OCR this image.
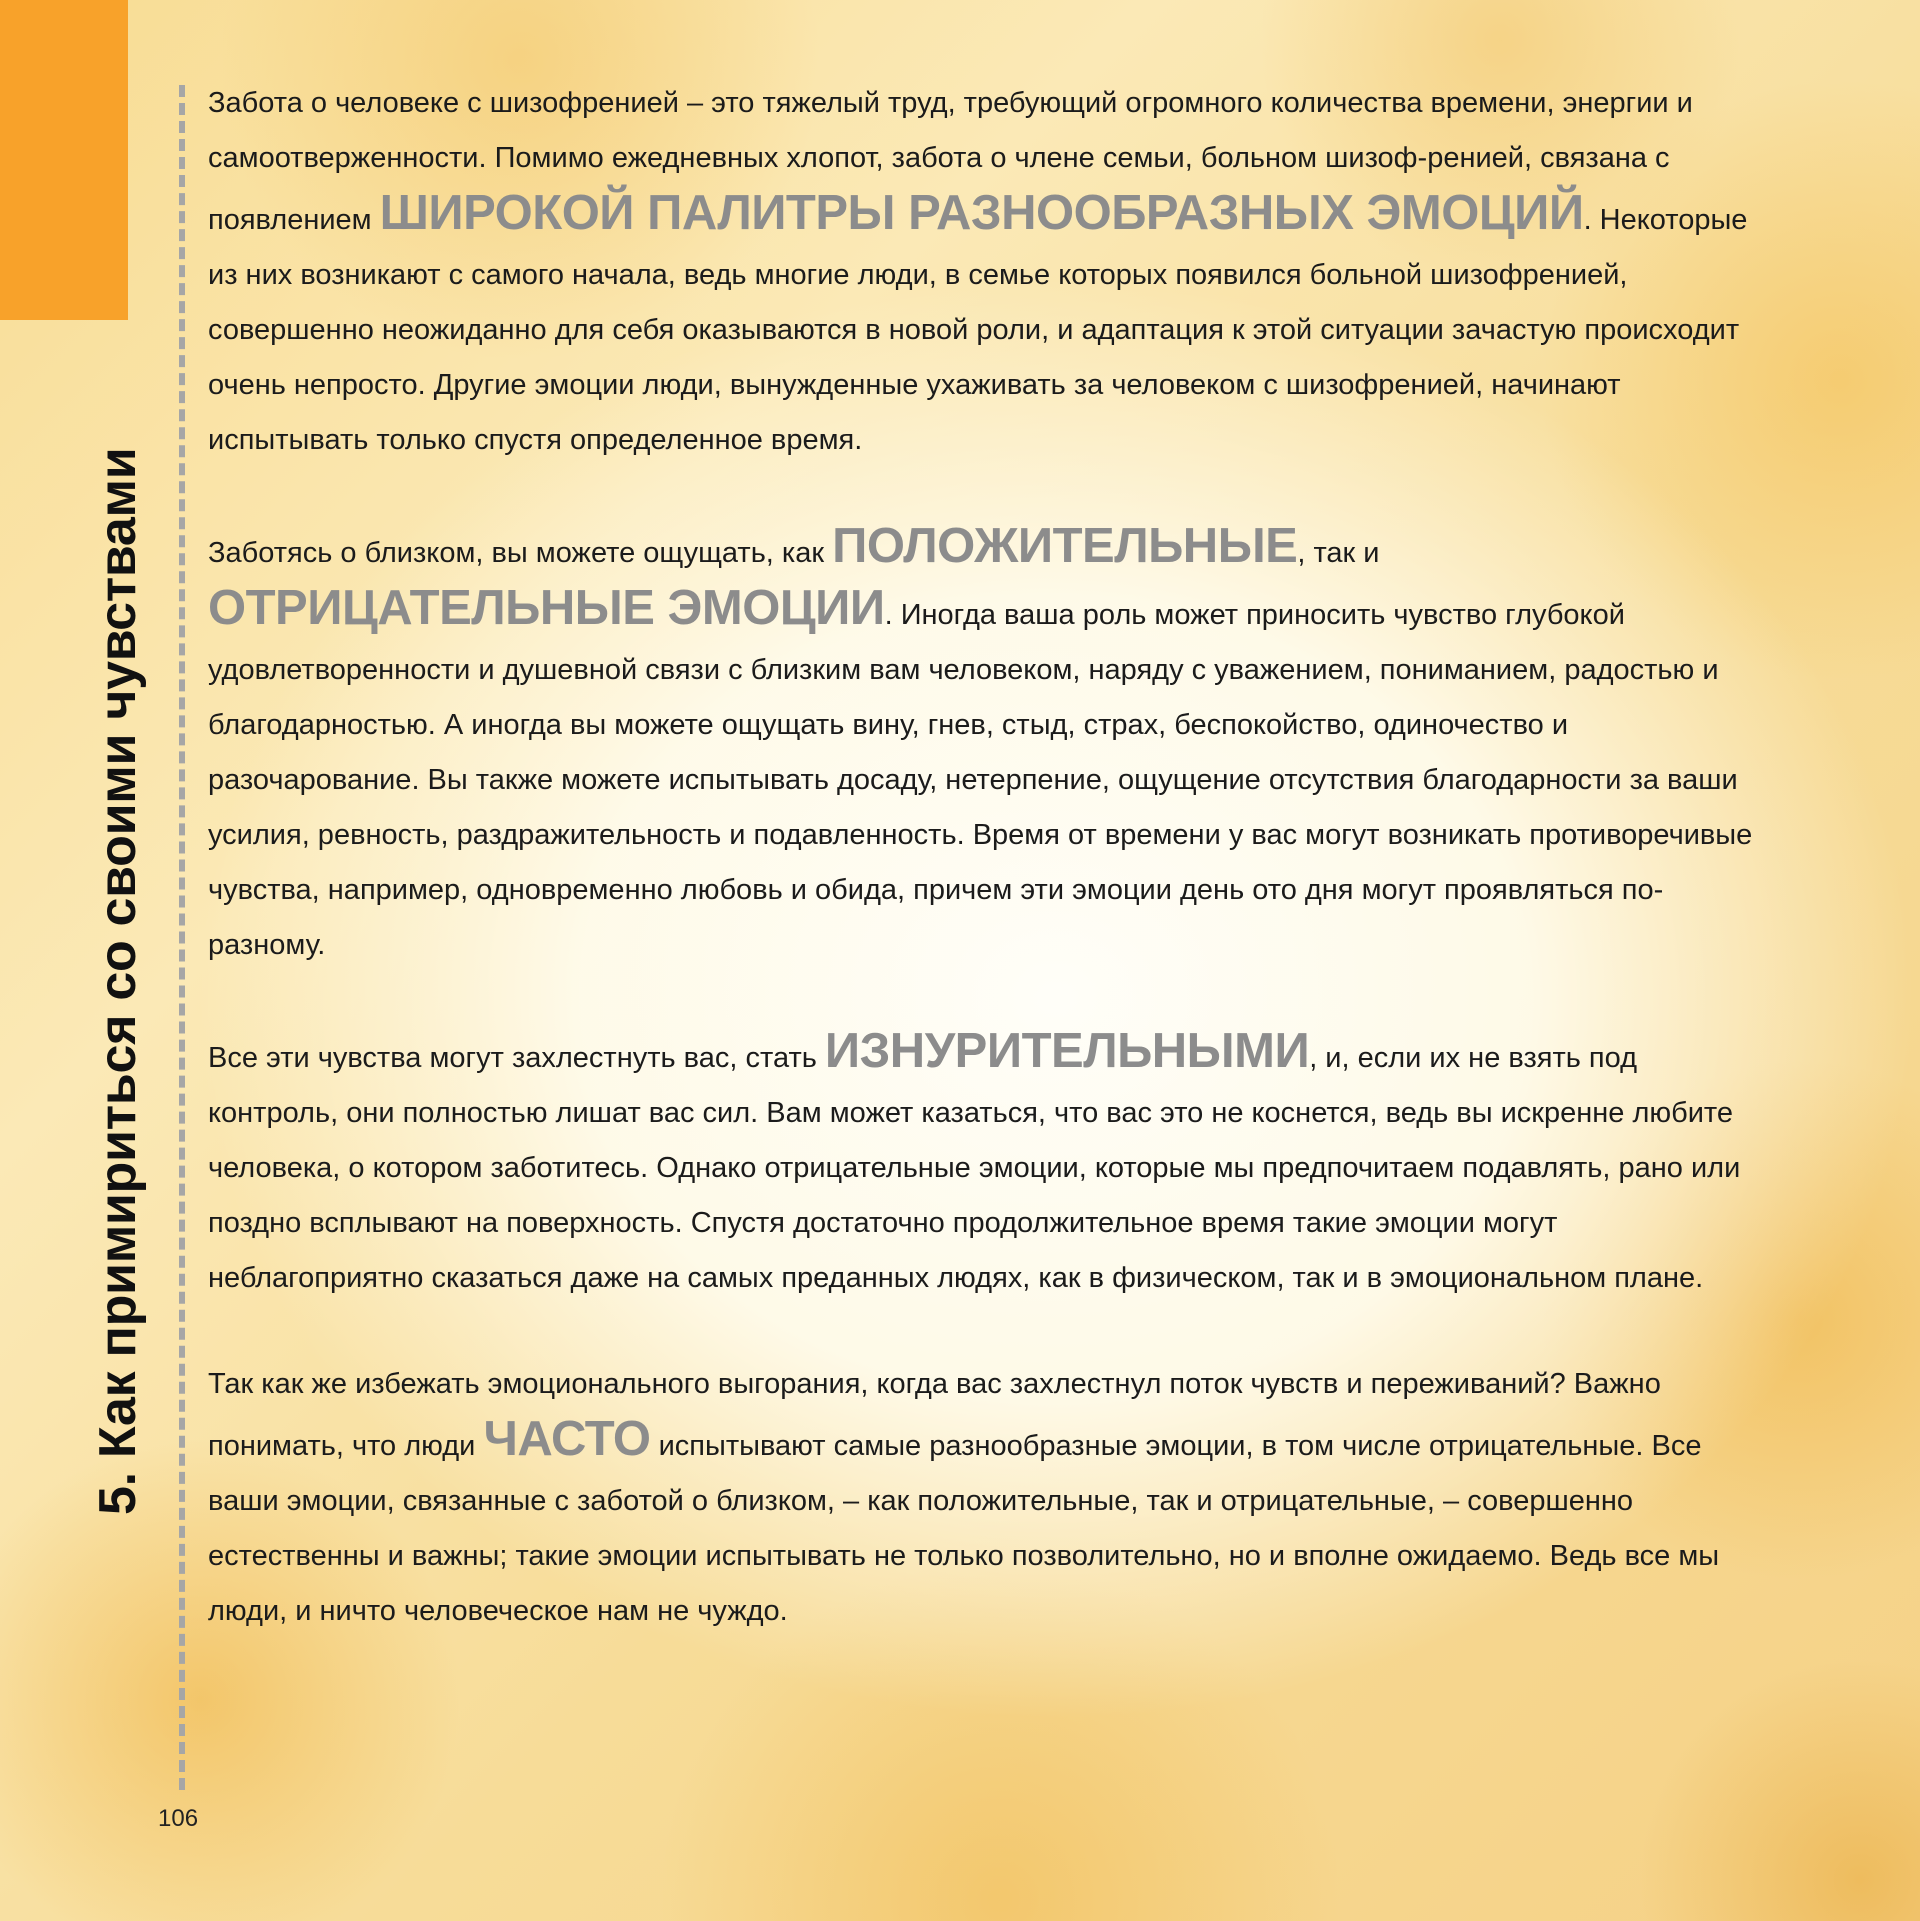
5. Как примириться со своими чувствами

Забота о человеке с шизофренией – это тяжелый труд, требующий огромного количества времени, энергии и самоотверженности. Помимо ежедневных хлопот, забота о члене семьи, больном шизоф-рениeй, связана с появлением ШИРОКОЙ ПАЛИТРЫ РАЗНООБРАЗНЫХ ЭМОЦИЙ. Некоторые из них возникают с самого начала, ведь многие люди, в семье которых появился больной шизофренией, совершенно неожиданно для себя оказываются в новой роли, и адаптация к этой ситуации зачастую происходит очень непросто. Другие эмоции люди, вынужденные ухаживать за человеком с шизофренией, начинают испытывать только спустя определенное время.

Заботясь о близком, вы можете ощущать, как ПОЛОЖИТЕЛЬНЫЕ, так и ОТРИЦАТЕЛЬНЫЕ ЭМОЦИИ. Иногда ваша роль может приносить чувство глубокой удовлетворенности и душевной связи с близким вам человеком, наряду с уважением, пониманием, радостью и благодарностью. А иногда вы можете ощущать вину, гнев, стыд, страх, беспокойство, одиночество и разочарование. Вы также можете испытывать досаду, нетерпение, ощущение отсутствия благодарности за ваши усилия, ревность, раздражительность и подавленность. Время от времени у вас могут возникать противоречивые чувства, например, одновременно любовь и обида, причем эти эмоции день ото дня могут проявляться по-разному.

Все эти чувства могут захлестнуть вас, стать ИЗНУРИТЕЛЬНЫМИ, и, если их не взять под контроль, они полностью лишат вас сил. Вам может казаться, что вас это не коснется, ведь вы искренне любите человека, о котором заботитесь. Однако отрицательные эмоции, которые мы предпочитаем подавлять, рано или поздно всплывают на поверхность. Спустя достаточно продолжительное время такие эмоции могут неблагоприятно сказаться даже на самых преданных людях, как в физическом, так и в эмоциональном плане.

Так как же избежать эмоционального выгорания, когда вас захлестнул поток чувств и переживаний? Важно понимать, что люди ЧАСТО испытывают самые разнообразные эмоции, в том числе отрицательные. Все ваши эмоции, связанные с заботой о близком, – как положительные, так и отрицательные, – совершенно естественны и важны; такие эмоции испытывать не только позволительно, но и вполне ожидаемо. Ведь все мы люди, и ничто человеческое нам не чуждо.

106
